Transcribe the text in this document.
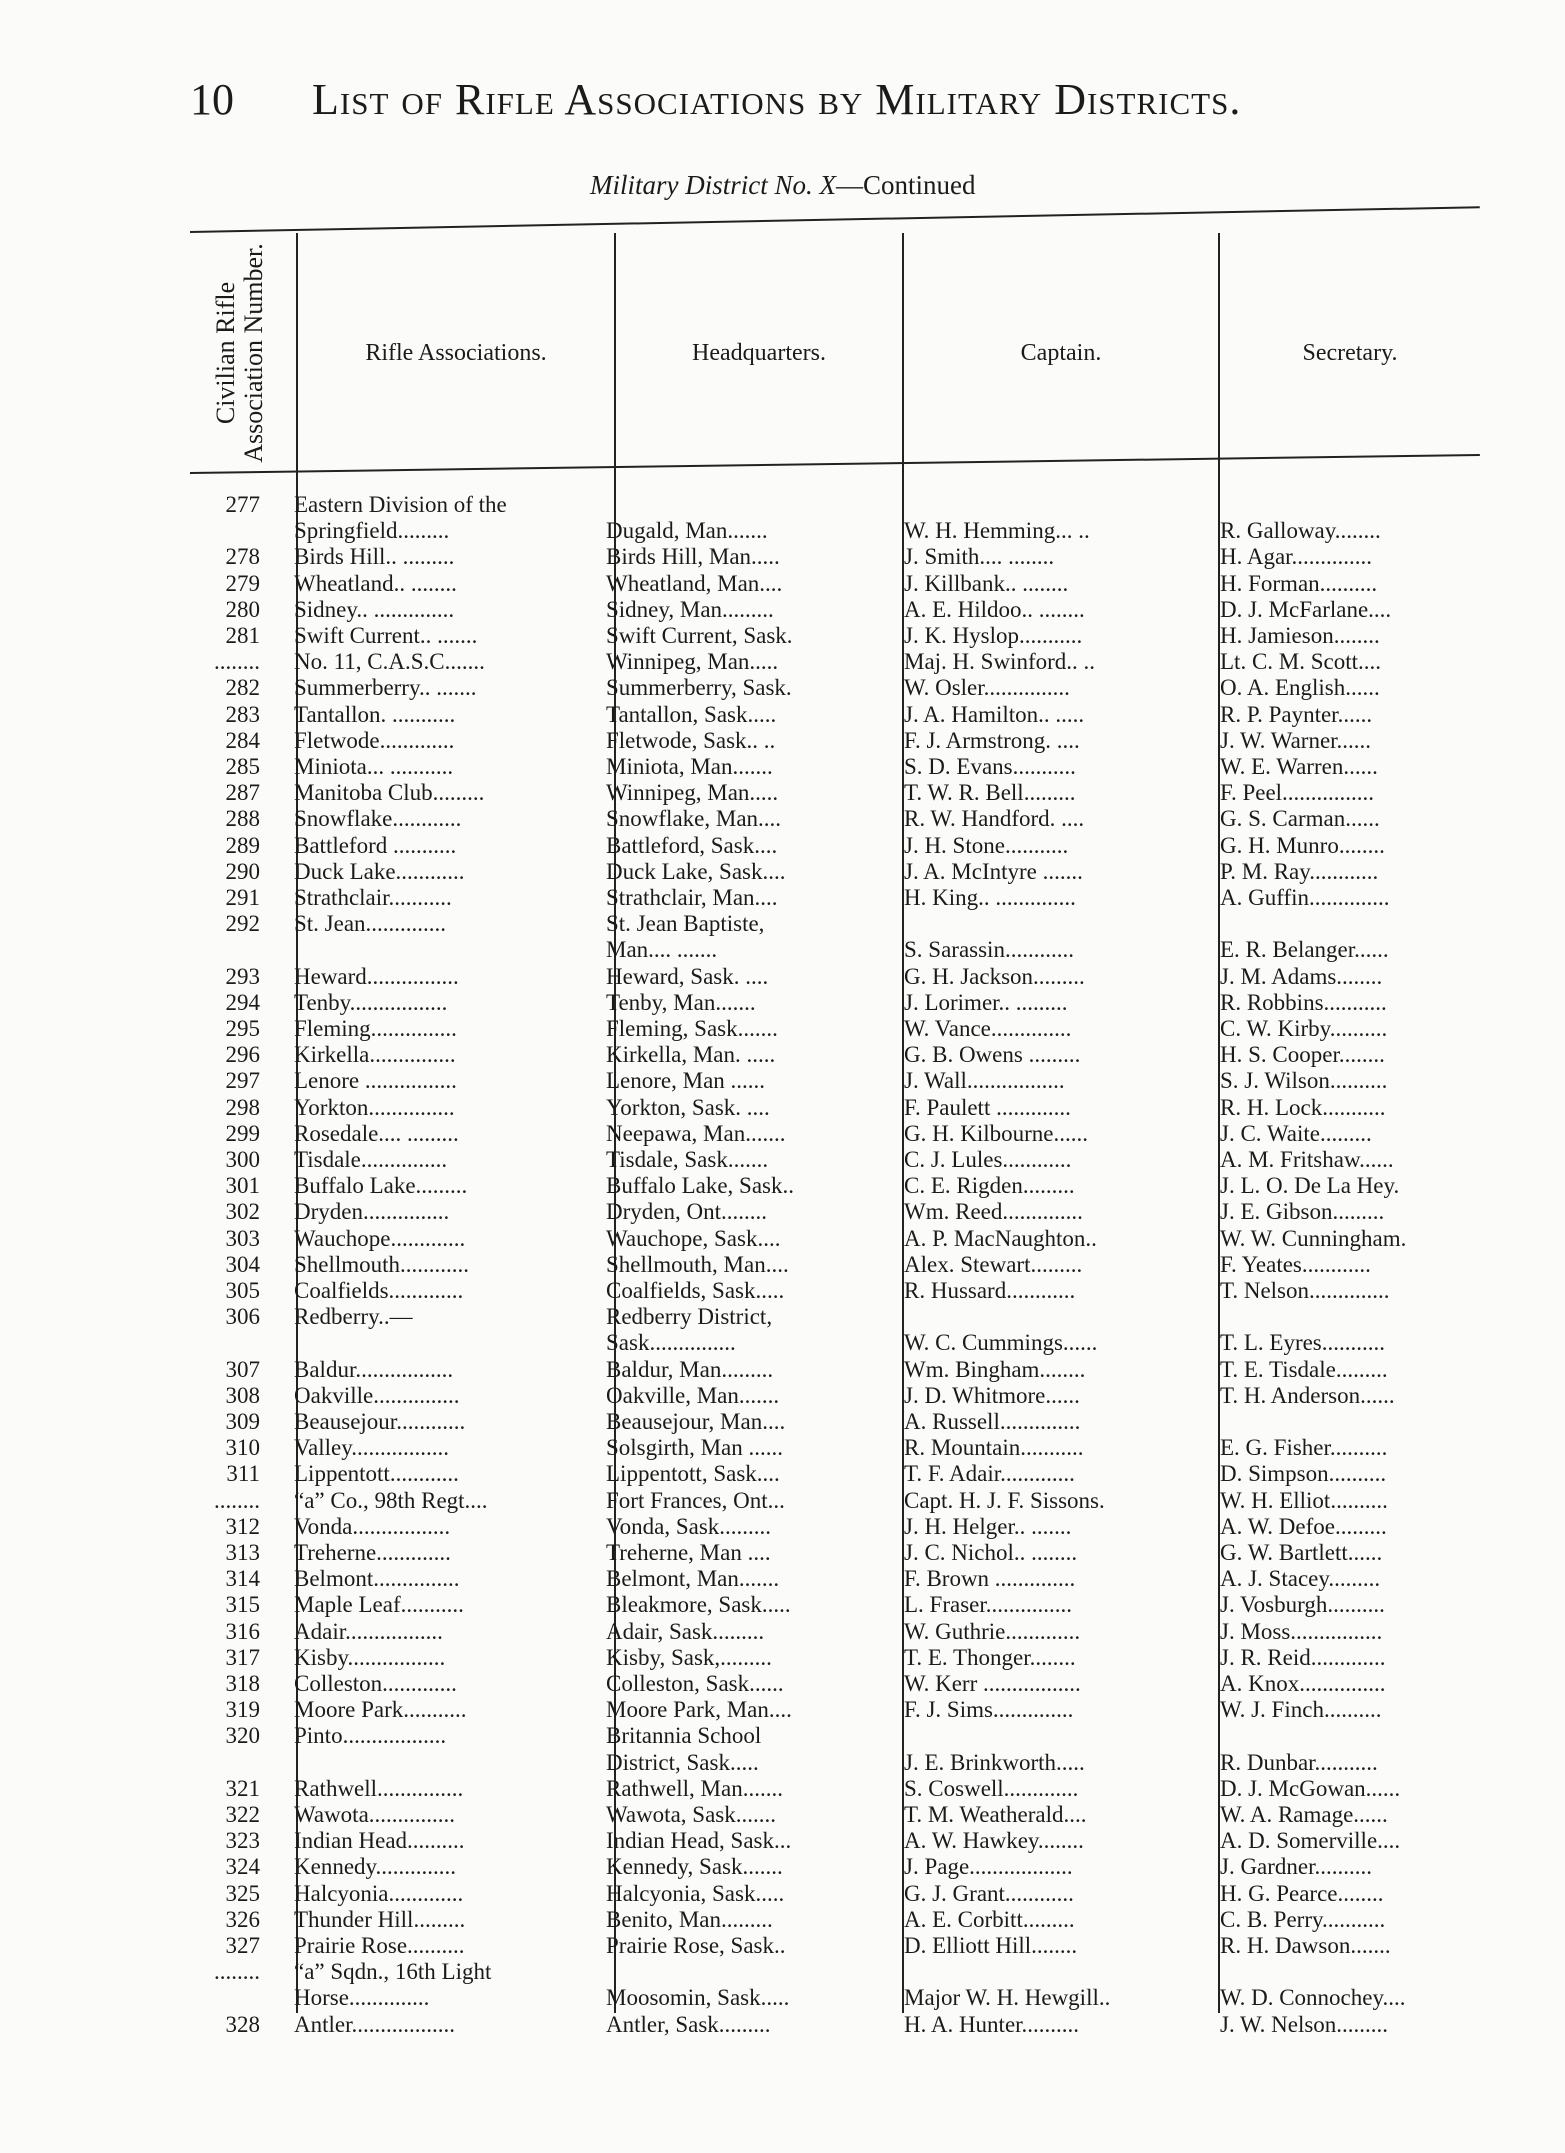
10 List of Rifle Associations by Military Districts.
Military District No. X—Continued
Civilian Rifle Association Number.	Rifle Associations.	Headquarters.	Captain.	Secretary.
277 Eastern Division of the
Springfield.........	Dugald, Man.......	W. H. Hemming... ..	R. Galloway........
278 Birds Hill.. .........	Birds Hill, Man.....	J. Smith.... ........	H. Agar..............
279 Wheatland.. ........	Wheatland, Man....	J. Killbank.. ........	H. Forman..........
280 Sidney.. ..............	Sidney, Man.........	A. E. Hildoo.. ........	D. J. McFarlane....
281 Swift Current.. .......	Swift Current, Sask.	J. K. Hyslop...........	H. Jamieson........
........ No. 11, C.A.S.C.......	Winnipeg, Man.....	Maj. H. Swinford.. ..	Lt. C. M. Scott....
282 Summerberry.. .......	Summerberry, Sask.	W. Osler...............	O. A. English......
283 Tantallon. ...........	Tantallon, Sask.....	J. A. Hamilton.. .....	R. P. Paynter......
284 Fletwode.............	Fletwode, Sask.. ..	F. J. Armstrong. ....	J. W. Warner......
285 Miniota... ...........	Miniota, Man.......	S. D. Evans...........	W. E. Warren......
287 Manitoba Club.........	Winnipeg, Man.....	T. W. R. Bell.........	F. Peel................
288 Snowflake............	Snowflake, Man....	R. W. Handford. ....	G. S. Carman......
289 Battleford ...........	Battleford, Sask....	J. H. Stone...........	G. H. Munro........
290 Duck Lake............	Duck Lake, Sask....	J. A. McIntyre .......	P. M. Ray............
291 Strathclair...........	Strathclair, Man....	H. King.. ..............	A. Guffin..............
292 St. Jean..............	St. Jean Baptiste,
Man.... .......	S. Sarassin............	E. R. Belanger......
293 Heward................	Heward, Sask. ....	G. H. Jackson.........	J. M. Adams........
294 Tenby.................	Tenby, Man.......	J. Lorimer.. .........	R. Robbins...........
295 Fleming...............	Fleming, Sask.......	W. Vance..............	C. W. Kirby..........
296 Kirkella...............	Kirkella, Man. .....	G. B. Owens .........	H. S. Cooper........
297 Lenore ................	Lenore, Man ......	J. Wall.................	S. J. Wilson..........
298 Yorkton...............	Yorkton, Sask. ....	F. Paulett .............	R. H. Lock...........
299 Rosedale.... .........	Neepawa, Man.......	G. H. Kilbourne......	J. C. Waite.........
300 Tisdale...............	Tisdale, Sask.......	C. J. Lules............	A. M. Fritshaw......
301 Buffalo Lake.........	Buffalo Lake, Sask..	C. E. Rigden.........	J. L. O. De La Hey.
302 Dryden...............	Dryden, Ont........	Wm. Reed..............	J. E. Gibson.........
303 Wauchope.............	Wauchope, Sask....	A. P. MacNaughton..	W. W. Cunningham.
304 Shellmouth............	Shellmouth, Man....	Alex. Stewart.........	F. Yeates............
305 Coalfields.............	Coalfields, Sask.....	R. Hussard............	T. Nelson..............
306 Redberry..—	Redberry District,
Sask...............	W. C. Cummings......	T. L. Eyres...........
307 Baldur.................	Baldur, Man.........	Wm. Bingham........	T. E. Tisdale.........
308 Oakville...............	Oakville, Man.......	J. D. Whitmore......	T. H. Anderson......
309 Beausejour............	Beausejour, Man....	A. Russell..............
310 Valley.................	Solsgirth, Man ......	R. Mountain...........	E. G. Fisher..........
311 Lippentott............	Lippentott, Sask....	T. F. Adair.............	D. Simpson..........
........ “a” Co., 98th Regt....	Fort Frances, Ont...	Capt. H. J. F. Sissons.	W. H. Elliot..........
312 Vonda.................	Vonda, Sask.........	J. H. Helger.. .......	A. W. Defoe.........
313 Treherne.............	Treherne, Man ....	J. C. Nichol.. ........	G. W. Bartlett......
314 Belmont...............	Belmont, Man.......	F. Brown ..............	A. J. Stacey.........
315 Maple Leaf...........	Bleakmore, Sask.....	L. Fraser...............	J. Vosburgh..........
316 Adair.................	Adair, Sask.........	W. Guthrie.............	J. Moss................
317 Kisby.................	Kisby, Sask,.........	T. E. Thonger........	J. R. Reid.............
318 Colleston.............	Colleston, Sask......	W. Kerr .................	A. Knox...............
319 Moore Park...........	Moore Park, Man....	F. J. Sims..............	W. J. Finch..........
320 Pinto..................	Britannia School
District, Sask.....	J. E. Brinkworth.....	R. Dunbar...........
321 Rathwell...............	Rathwell, Man.......	S. Coswell.............	D. J. McGowan......
322 Wawota...............	Wawota, Sask.......	T. M. Weatherald....	W. A. Ramage......
323 Indian Head..........	Indian Head, Sask...	A. W. Hawkey........	A. D. Somerville....
324 Kennedy..............	Kennedy, Sask.......	J. Page..................	J. Gardner..........
325 Halcyonia.............	Halcyonia, Sask.....	G. J. Grant............	H. G. Pearce........
326 Thunder Hill.........	Benito, Man.........	A. E. Corbitt.........	C. B. Perry...........
327 Prairie Rose..........	Prairie Rose, Sask..	D. Elliott Hill........	R. H. Dawson.......
........ “a” Sqdn., 16th Light
Horse..............	Moosomin, Sask.....	Major W. H. Hewgill..	W. D. Connochey....
328 Antler..................	Antler, Sask.........	H. A. Hunter..........	J. W. Nelson.........
